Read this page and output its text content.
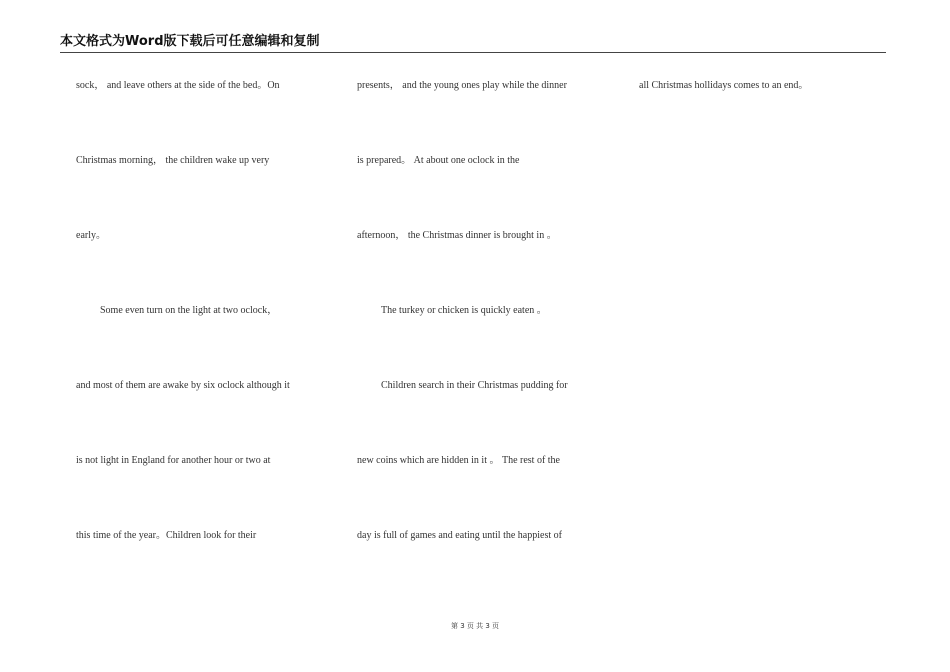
本文格式为Word版下载后可任意编辑和复制
sock， and leave others at the side of the bed。On
Christmas morning， the children wake up very
early。
Some even turn on the light at two oclock，
and most of them are awake by six oclock although it
is not light in England for another hour or two at
this time of the year。Children look for their
presents， and the young ones play while the dinner
is prepared。 At about one oclock in the
afternoon， the Christmas dinner is brought in 。
The turkey or chicken is quickly eaten 。
Children search in their Christmas pudding for
new coins which are hidden in it 。 The rest of the
day is full of games and eating until the happiest of
all Christmas hollidays comes to an end。
第 3 页 共 3 页
